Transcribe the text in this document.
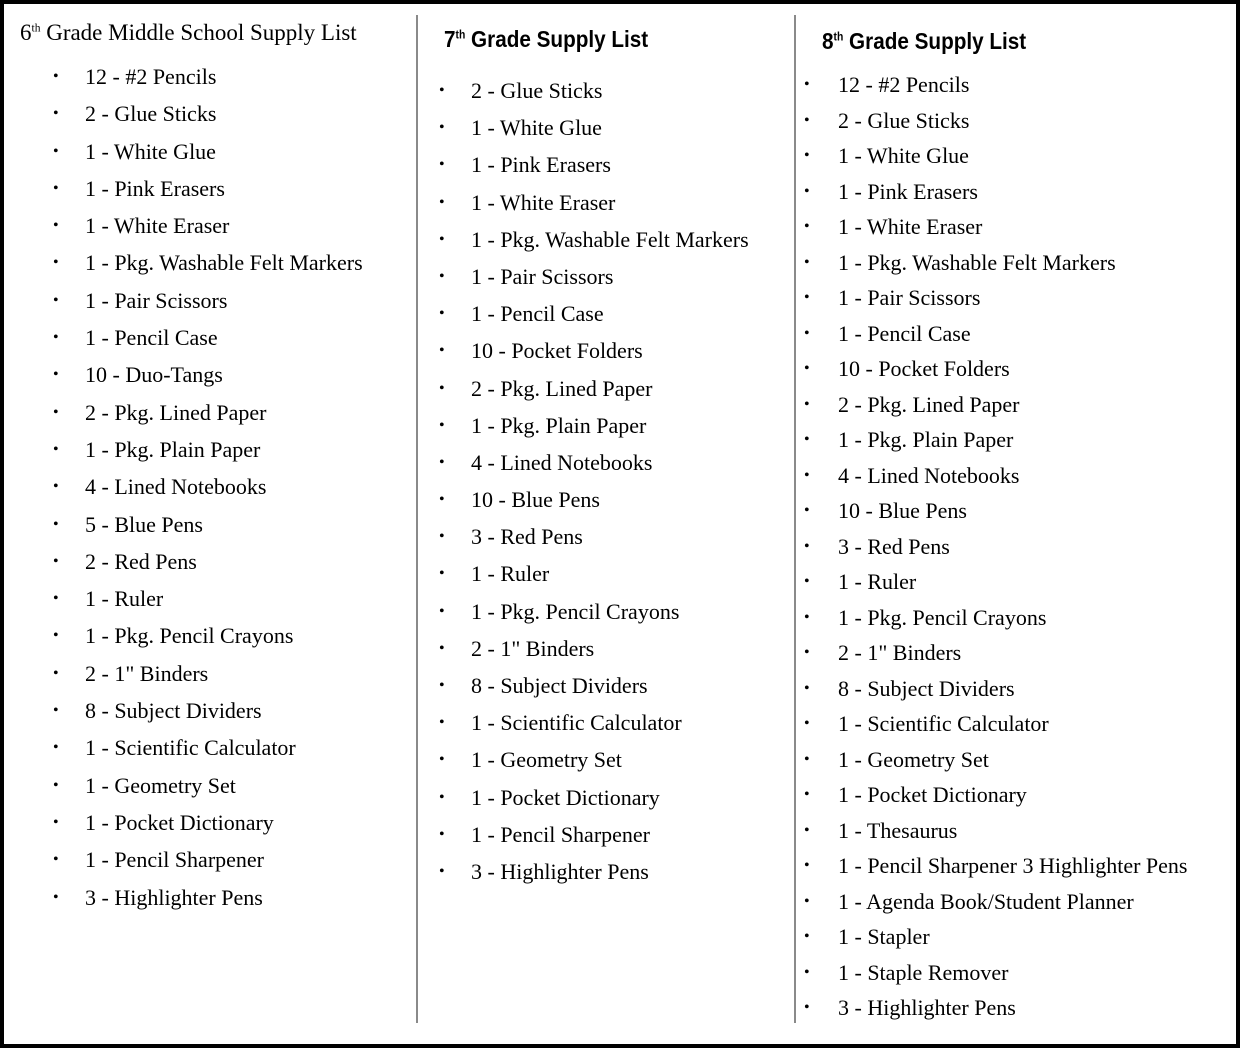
6th Grade Middle School Supply List	7th Grade Supply List	8th Grade Supply List
• 12 - #2 Pencils
• 2 - Glue Sticks
• 1 - White Glue
• 1 - Pink Erasers
• 1 - White Eraser
• 1 - Pkg. Washable Felt Markers
• 1 - Pair Scissors
• 1 - Pencil Case
• 10 - Duo-Tangs
• 2 - Pkg. Lined Paper
• 1 - Pkg. Plain Paper
• 4 - Lined Notebooks
• 5 - Blue Pens
• 2 - Red Pens
• 1 - Ruler
• 1 - Pkg. Pencil Crayons
• 2 - 1" Binders
• 8 - Subject Dividers
• 1 - Scientific Calculator
• 1 - Geometry Set
• 1 - Pocket Dictionary
• 1 - Pencil Sharpener
• 3 - Highlighter Pens
• 2 - Glue Sticks
• 1 - White Glue
• 1 - Pink Erasers
• 1 - White Eraser
• 1 - Pkg. Washable Felt Markers
• 1 - Pair Scissors
• 1 - Pencil Case
• 10 - Pocket Folders
• 2 - Pkg. Lined Paper
• 1 - Pkg. Plain Paper
• 4 - Lined Notebooks
• 10 - Blue Pens
• 3 - Red Pens
• 1 - Ruler
• 1 - Pkg. Pencil Crayons
• 2 - 1" Binders
• 8 - Subject Dividers
• 1 - Scientific Calculator
• 1 - Geometry Set
• 1 - Pocket Dictionary
• 1 - Pencil Sharpener
• 3 - Highlighter Pens
• 12 - #2 Pencils
• 2 - Glue Sticks
• 1 - White Glue
• 1 - Pink Erasers
• 1 - White Eraser
• 1 - Pkg. Washable Felt Markers
• 1 - Pair Scissors
• 1 - Pencil Case
• 10 - Pocket Folders
• 2 - Pkg. Lined Paper
• 1 - Pkg. Plain Paper
• 4 - Lined Notebooks
• 10 - Blue Pens
• 3 - Red Pens
• 1 - Ruler
• 1 - Pkg. Pencil Crayons
• 2 - 1" Binders
• 8 - Subject Dividers
• 1 - Scientific Calculator
• 1 - Geometry Set
• 1 - Pocket Dictionary
• 1 - Thesaurus
• 1 - Pencil Sharpener 3 Highlighter Pens
• 1 - Agenda Book/Student Planner
• 1 - Stapler
• 1 - Staple Remover
• 3 - Highlighter Pens
